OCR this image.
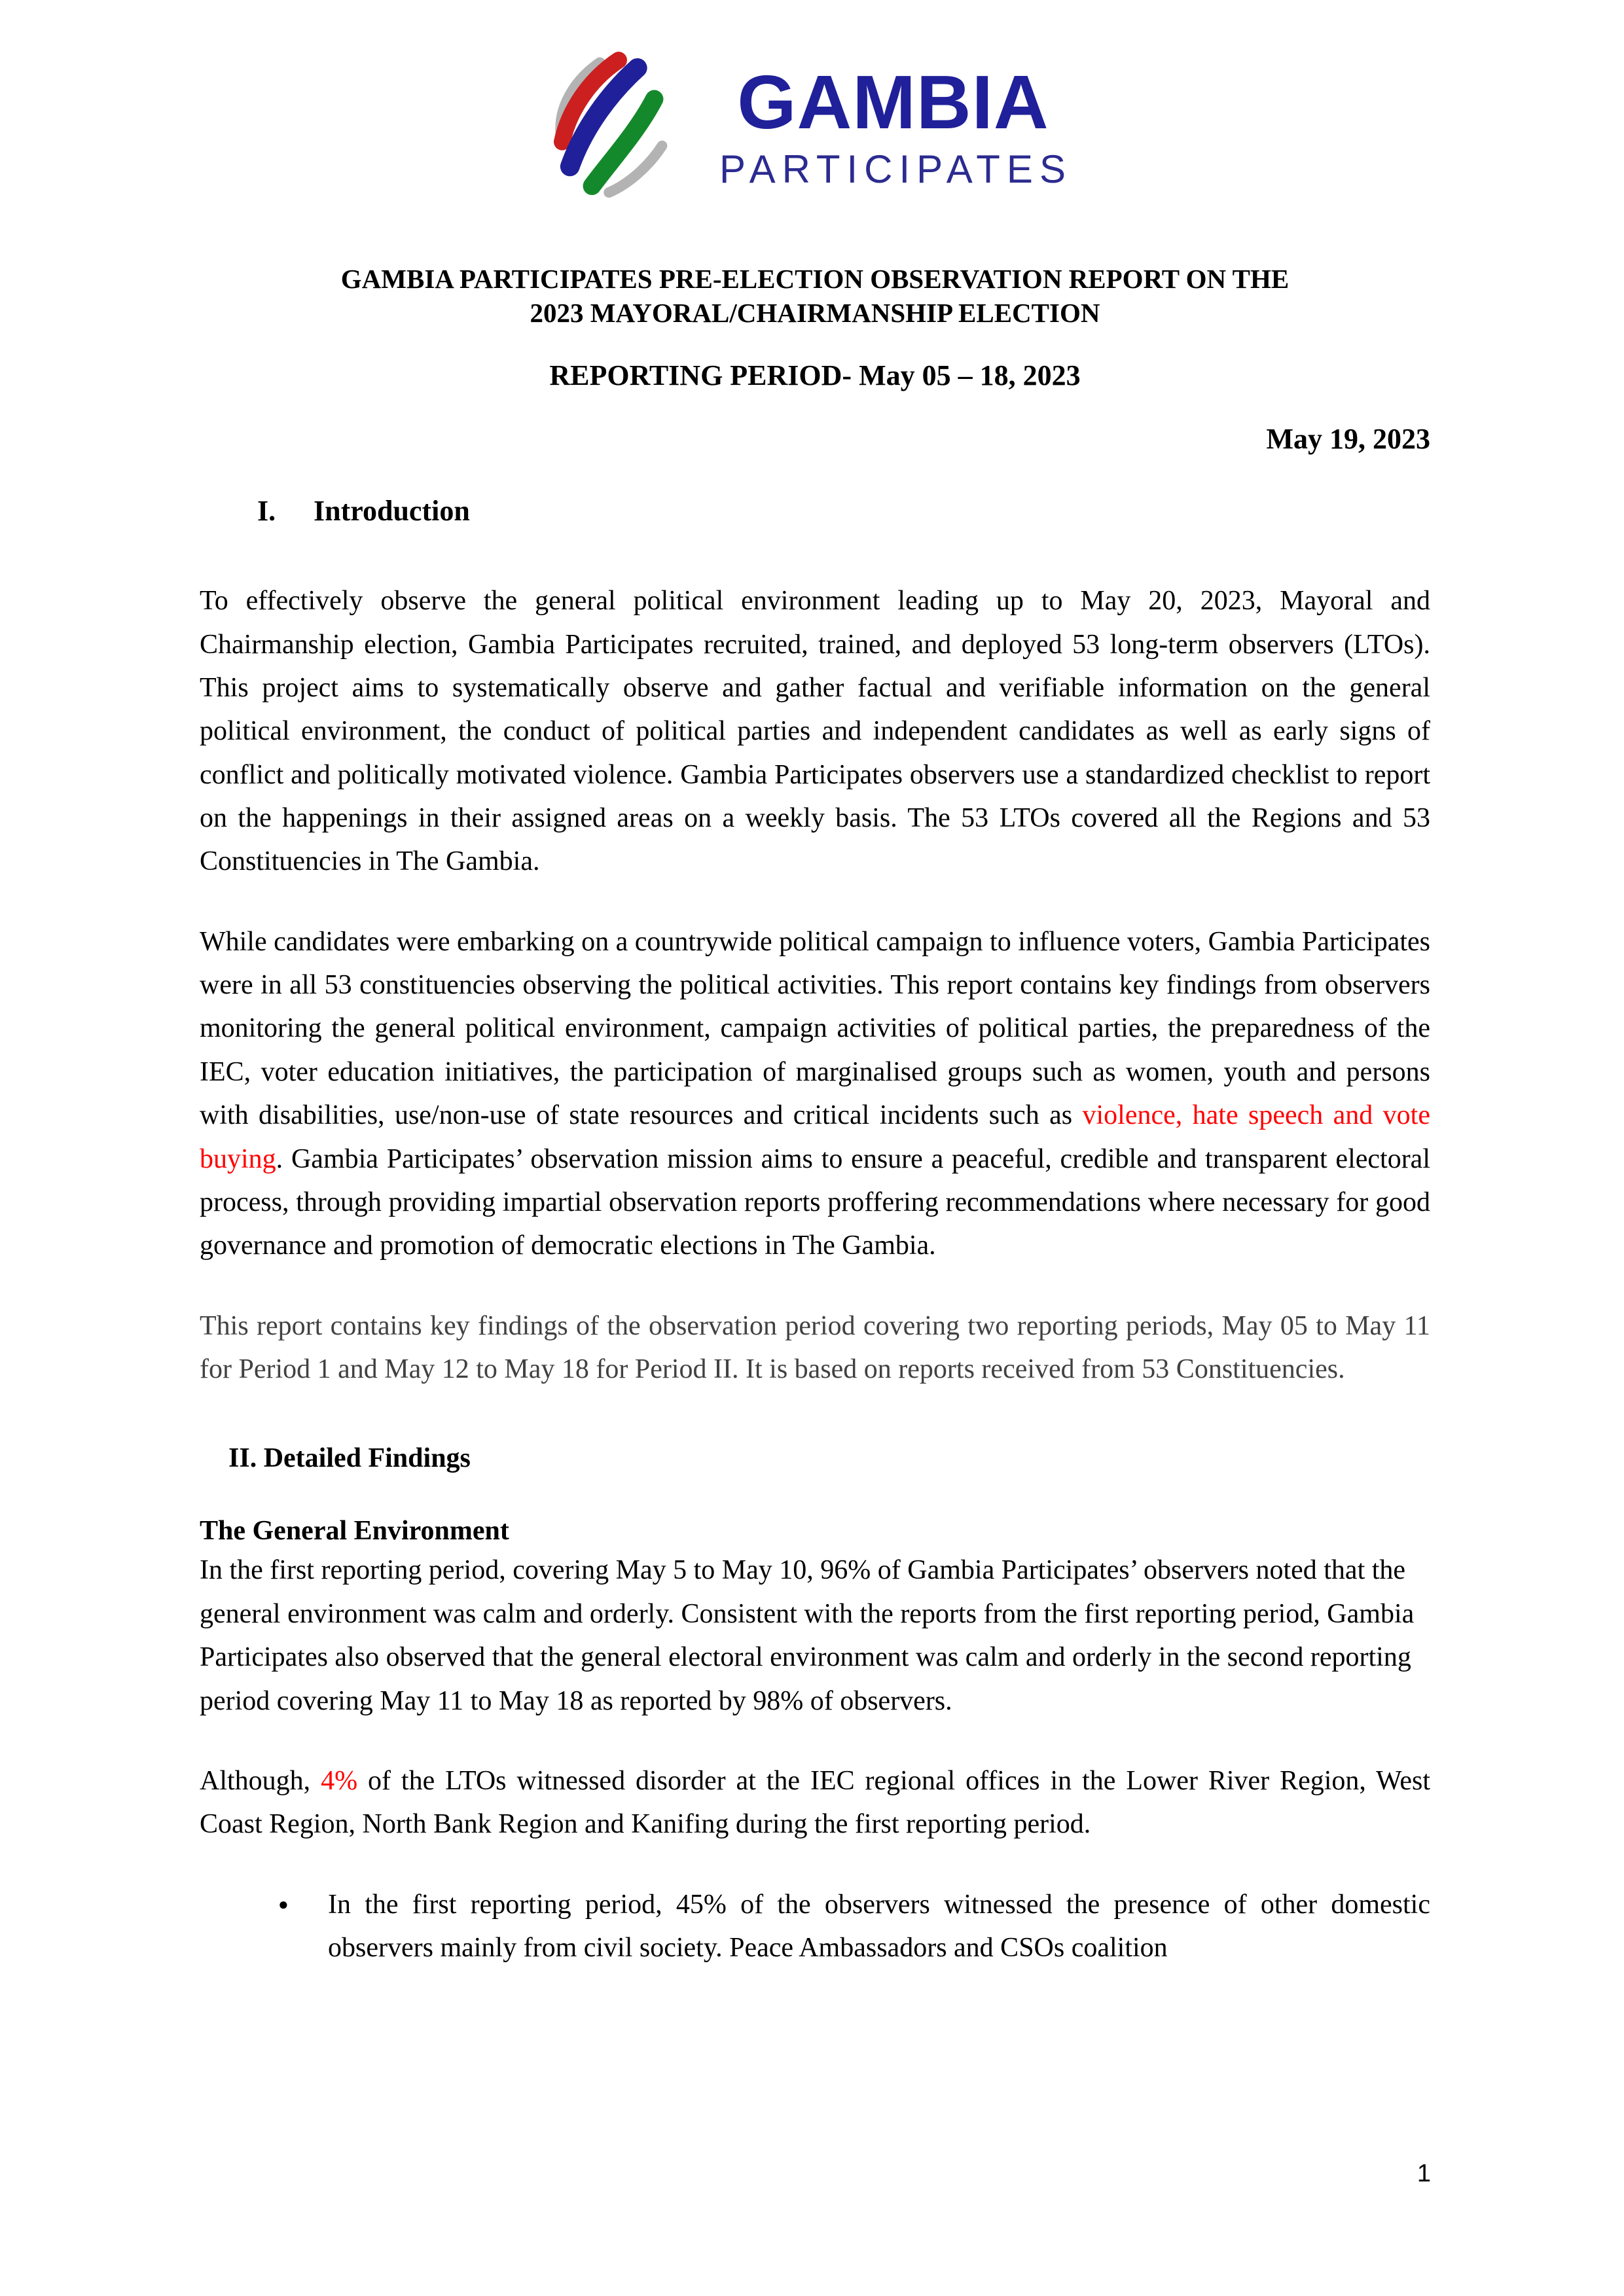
GAMBIA
PARTICIPATES
GAMBIA PARTICIPATES PRE-ELECTION OBSERVATION REPORT ON THE
2023 MAYORAL/CHAIRMANSHIP ELECTION
REPORTING PERIOD- May 05 – 18, 2023
May 19, 2023
I.	Introduction

To effectively observe the general political environment leading up to May 20, 2023, Mayoral and Chairmanship election, Gambia Participates recruited, trained, and deployed 53 long-term observers (LTOs). This project aims to systematically observe and gather factual and verifiable information on the general political environment, the conduct of political parties and independent candidates as well as early signs of conflict and politically motivated violence. Gambia Participates observers use a standardized checklist to report on the happenings in their assigned areas on a weekly basis. The 53 LTOs covered all the Regions and 53 Constituencies in The Gambia.

While candidates were embarking on a countrywide political campaign to influence voters, Gambia Participates were in all 53 constituencies observing the political activities. This report contains key findings from observers monitoring the general political environment, campaign activities of political parties, the preparedness of the IEC, voter education initiatives, the participation of marginalised groups such as women, youth and persons with disabilities, use/non-use of state resources and critical incidents such as violence, hate speech and vote buying. Gambia Participates’ observation mission aims to ensure a peaceful, credible and transparent electoral process, through providing impartial observation reports proffering recommendations where necessary for good governance and promotion of democratic elections in The Gambia.

This report contains key findings of the observation period covering two reporting periods, May 05 to May 11 for Period 1 and May 12 to May 18 for Period II. It is based on reports received from 53 Constituencies.

II. Detailed Findings
The General Environment

In the first reporting period, covering May 5 to May 10, 96% of Gambia Participates’ observers noted that the general environment was calm and orderly. Consistent with the reports from the first reporting period, Gambia Participates also observed that the general electoral environment was calm and orderly in the second reporting period covering May 11 to May 18 as reported by 98% of observers.

Although, 4% of the LTOs witnessed disorder at the IEC regional offices in the Lower River Region, West Coast Region, North Bank Region and Kanifing during the first reporting period.

● In the first reporting period, 45% of the observers witnessed the presence of other domestic observers mainly from civil society. Peace Ambassadors and CSOs coalition
1
